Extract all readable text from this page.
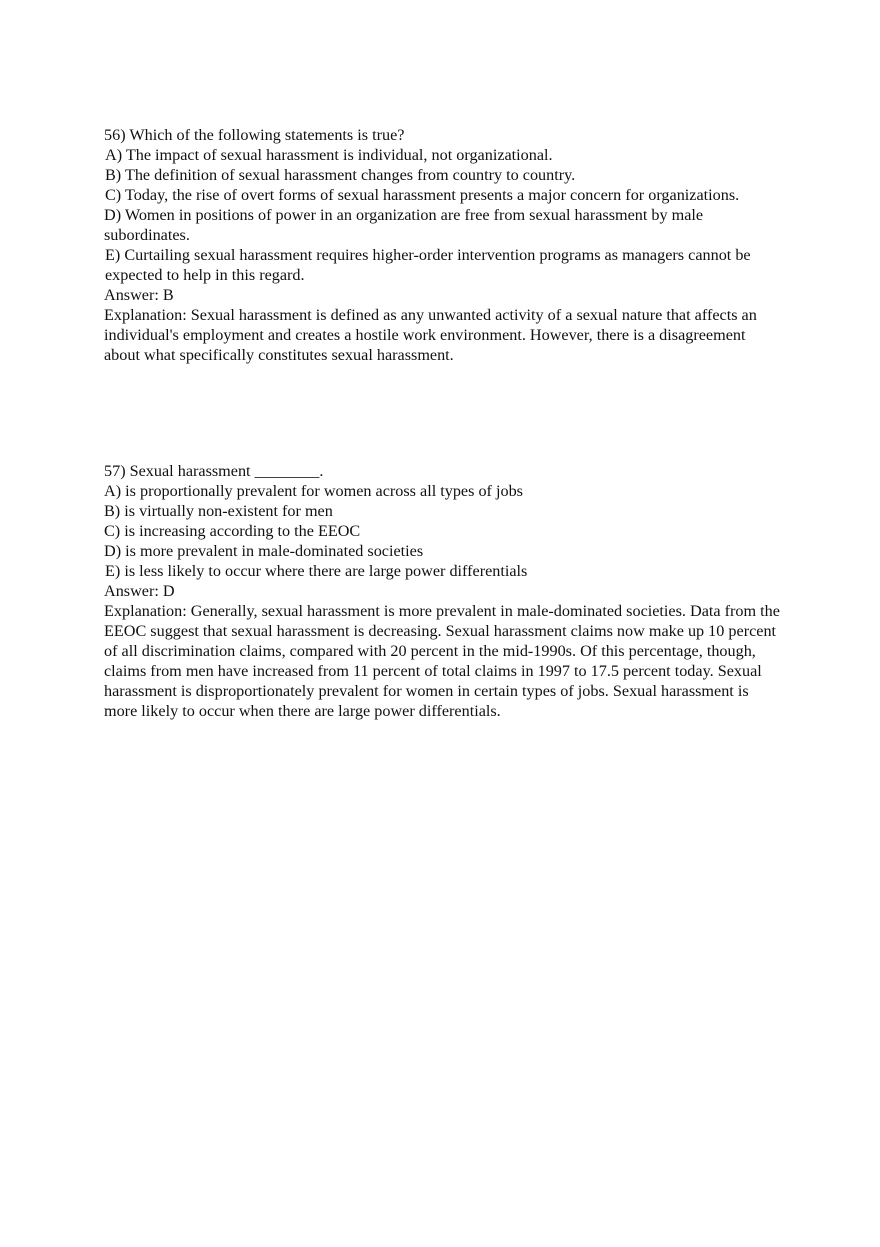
56) Which of the following statements is true?

A) The impact of sexual harassment is individual, not organizational.

B) The definition of sexual harassment changes from country to country.

C) Today, the rise of overt forms of sexual harassment presents a major concern for organizations.

D) Women in positions of power in an organization are free from sexual harassment by male subordinates.

E) Curtailing sexual harassment requires higher-order intervention programs as managers cannot be expected to help in this regard.

Answer: B

Explanation: Sexual harassment is defined as any unwanted activity of a sexual nature that affects an individual's employment and creates a hostile work environment. However, there is a disagreement about what specifically constitutes sexual harassment.

57) Sexual harassment ________.

A) is proportionally prevalent for women across all types of jobs

B) is virtually non-existent for men

C) is increasing according to the EEOC

D) is more prevalent in male-dominated societies

E) is less likely to occur where there are large power differentials

Answer: D

Explanation: Generally, sexual harassment is more prevalent in male-dominated societies. Data from the EEOC suggest that sexual harassment is decreasing. Sexual harassment claims now make up 10 percent of all discrimination claims, compared with 20 percent in the mid-1990s. Of this percentage, though, claims from men have increased from 11 percent of total claims in 1997 to 17.5 percent today. Sexual harassment is disproportionately prevalent for women in certain types of jobs. Sexual harassment is more likely to occur when there are large power differentials.
